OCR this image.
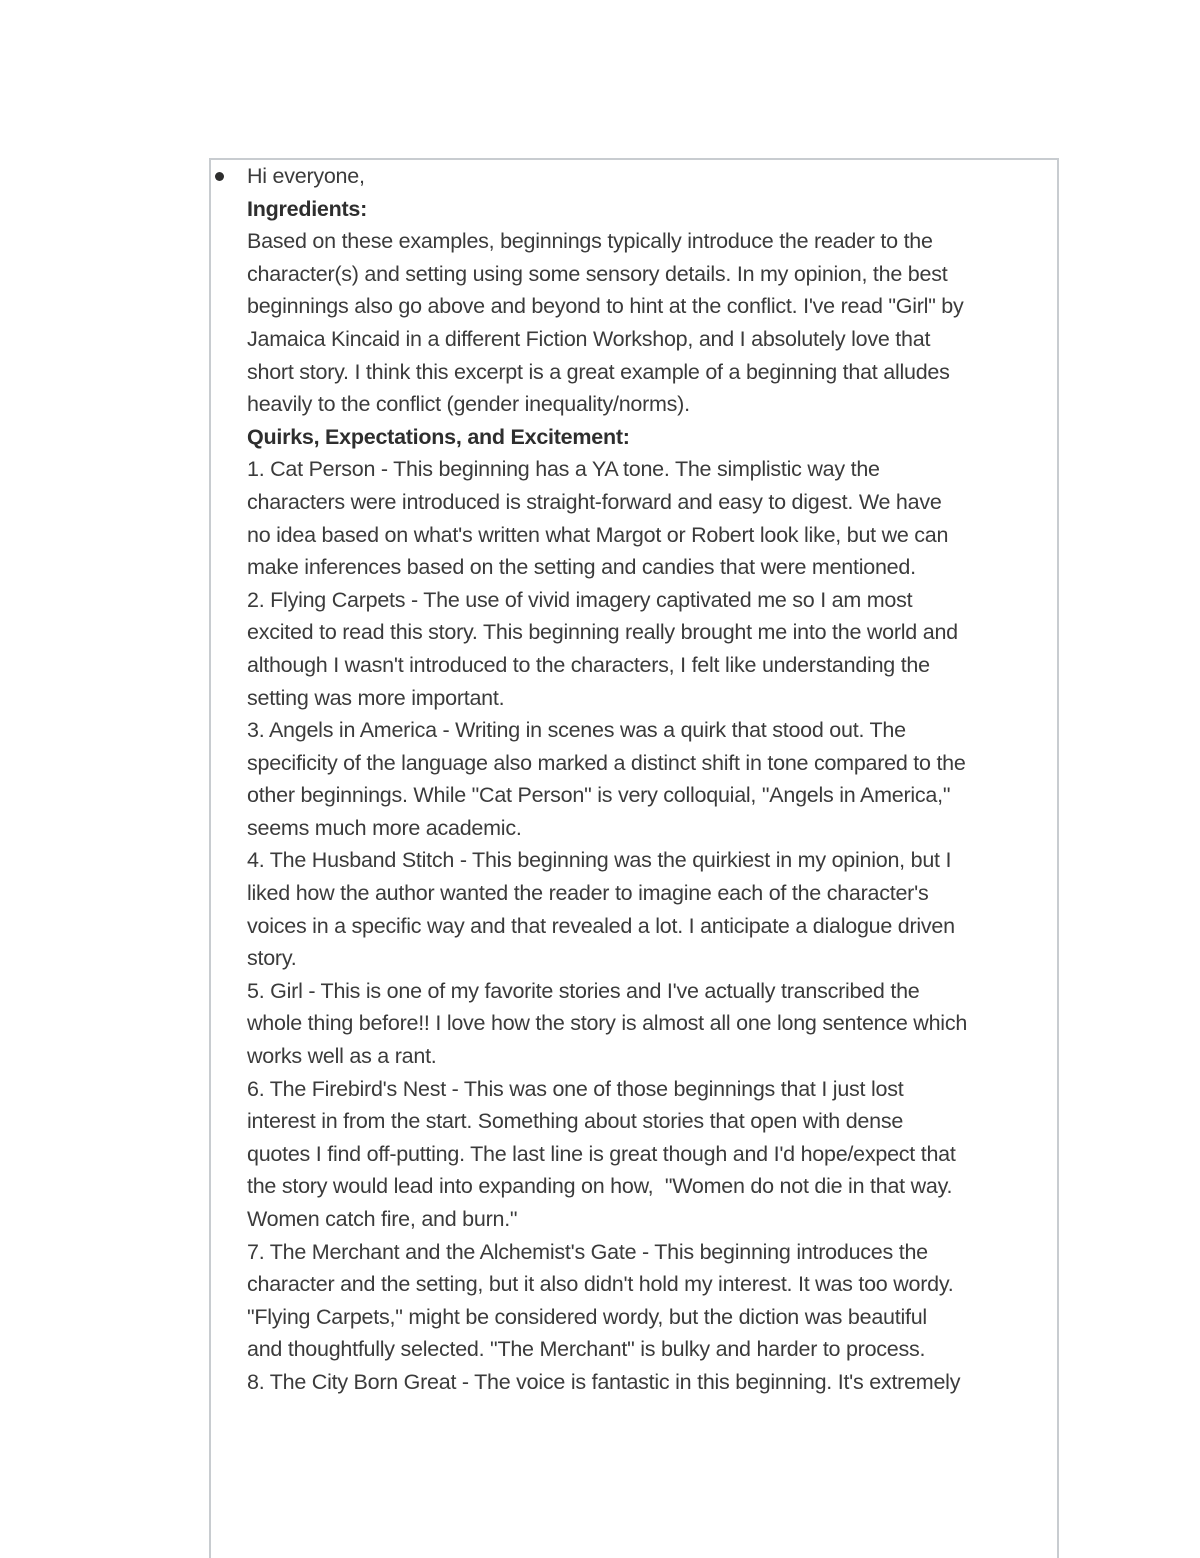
Hi everyone,
Ingredients:
Based on these examples, beginnings typically introduce the reader to the
character(s) and setting using some sensory details. In my opinion, the best
beginnings also go above and beyond to hint at the conflict. I've read "Girl" by
Jamaica Kincaid in a different Fiction Workshop, and I absolutely love that
short story. I think this excerpt is a great example of a beginning that alludes
heavily to the conflict (gender inequality/norms).
Quirks, Expectations, and Excitement:
1. Cat Person - This beginning has a YA tone. The simplistic way the
characters were introduced is straight-forward and easy to digest. We have
no idea based on what's written what Margot or Robert look like, but we can
make inferences based on the setting and candies that were mentioned.
2. Flying Carpets - The use of vivid imagery captivated me so I am most
excited to read this story. This beginning really brought me into the world and
although I wasn't introduced to the characters, I felt like understanding the
setting was more important.
3. Angels in America - Writing in scenes was a quirk that stood out. The
specificity of the language also marked a distinct shift in tone compared to the
other beginnings. While "Cat Person" is very colloquial, "Angels in America,"
seems much more academic.
4. The Husband Stitch - This beginning was the quirkiest in my opinion, but I
liked how the author wanted the reader to imagine each of the character's
voices in a specific way and that revealed a lot. I anticipate a dialogue driven
story.
5. Girl - This is one of my favorite stories and I've actually transcribed the
whole thing before!! I love how the story is almost all one long sentence which
works well as a rant.
6. The Firebird's Nest - This was one of those beginnings that I just lost
interest in from the start. Something about stories that open with dense
quotes I find off-putting. The last line is great though and I'd hope/expect that
the story would lead into expanding on how,  "Women do not die in that way.
Women catch fire, and burn."
7. The Merchant and the Alchemist's Gate - This beginning introduces the
character and the setting, but it also didn't hold my interest. It was too wordy.
"Flying Carpets," might be considered wordy, but the diction was beautiful
and thoughtfully selected. "The Merchant" is bulky and harder to process.
8. The City Born Great - The voice is fantastic in this beginning. It's extremely
